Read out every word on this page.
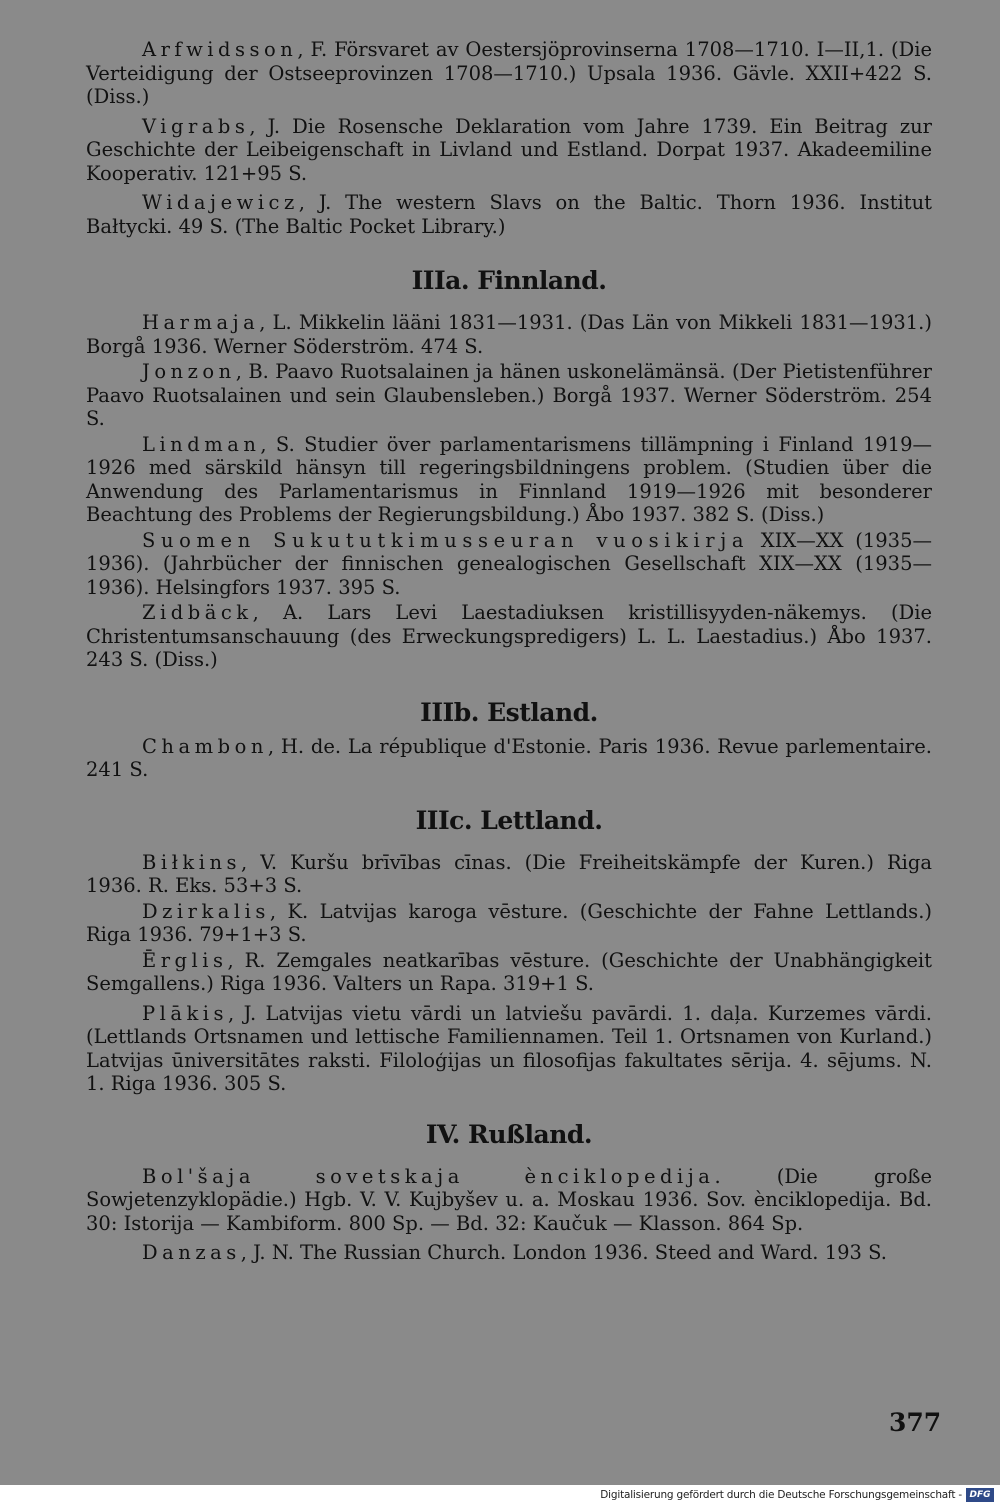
Arfwidsson, F. Försvaret av Oestersjöprovinserna 1708—1710. I—II,1. (Die Verteidigung der Ostseeprovinzen 1708—1710.) Upsala 1936. Gävle. XXII+422 S. (Diss.)

Vigrabs, J. Die Rosensche Deklaration vom Jahre 1739. Ein Beitrag zur Geschichte der Leibeigenschaft in Livland und Estland. Dorpat 1937. Akadeemiline Kooperativ. 121+95 S.

Widajewicz, J. The western Slavs on the Baltic. Thorn 1936. Institut Bałtycki. 49 S. (The Baltic Pocket Library.)

IIIa. Finnland.

Harmaja, L. Mikkelin lääni 1831—1931. (Das Län von Mikkeli 1831—1931.) Borgå 1936. Werner Söderström. 474 S.

Jonzon, B. Paavo Ruotsalainen ja hänen uskonelämänsä. (Der Pietistenführer Paavo Ruotsalainen und sein Glaubensleben.) Borgå 1937. Werner Söderström. 254 S.

Lindman, S. Studier över parlamentarismens tillämpning i Finland 1919—1926 med särskild hänsyn till regeringsbildningens problem. (Studien über die Anwendung des Parlamentarismus in Finnland 1919—1926 mit besonderer Beachtung des Problems der Regierungsbildung.) Åbo 1937. 382 S. (Diss.)

Suomen Sukututkimusseuran vuosikirja XIX—XX (1935—1936). (Jahrbücher der finnischen genealogischen Gesellschaft XIX—XX (1935—1936). Helsingfors 1937. 395 S.

Zidbäck, A. Lars Levi Laestadiuksen kristillisyyden-näkemys. (Die Christentumsanschauung (des Erweckungspredigers) L. L. Laestadius.) Åbo 1937. 243 S. (Diss.)

IIIb. Estland.

Chambon, H. de. La république d'Estonie. Paris 1936. Revue parlementaire. 241 S.

IIIc. Lettland.

Biłkins, V. Kuršu brīvības cīnas. (Die Freiheitskämpfe der Kuren.) Riga 1936. R. Eks. 53+3 S.

Dzirkalis, K. Latvijas karoga vēsture. (Geschichte der Fahne Lettlands.) Riga 1936. 79+1+3 S.

Ērglis, R. Zemgales neatkarības vēsture. (Geschichte der Unabhängigkeit Semgallens.) Riga 1936. Valters un Rapa. 319+1 S.

Plākis, J. Latvijas vietu vārdi un latviešu pavārdi. 1. daļa. Kurzemes vārdi. (Lettlands Ortsnamen und lettische Familiennamen. Teil 1. Ortsnamen von Kurland.) Latvijas ūniversitātes raksti. Filoloģijas un filosofijas fakultates sērija. 4. sējums. N. 1. Riga 1936. 305 S.

IV. Rußland.

Bol'šaja sovetskaja ènciklopedija. (Die große Sowjetenzyklopädie.) Hgb. V. V. Kujbyšev u. a. Moskau 1936. Sov. ènciklopedija. Bd. 30: Istorija — Kambiform. 800 Sp. — Bd. 32: Kaučuk — Klasson. 864 Sp.

Danzas, J. N. The Russian Church. London 1936. Steed and Ward. 193 S.

377
Digitalisierung gefördert durch die Deutsche Forschungsgemeinschaft - DFG
